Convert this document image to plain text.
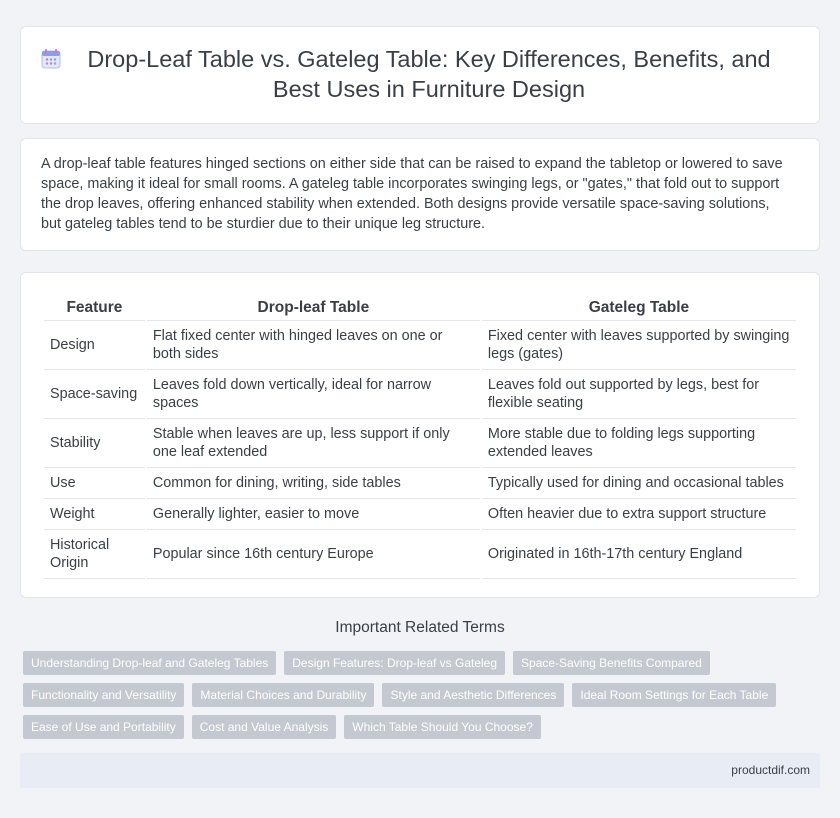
Drop-Leaf Table vs. Gateleg Table: Key Differences, Benefits, and Best Uses in Furniture Design

A drop-leaf table features hinged sections on either side that can be raised to expand the tabletop or lowered to save space, making it ideal for small rooms. A gateleg table incorporates swinging legs, or "gates," that fold out to support the drop leaves, offering enhanced stability when extended. Both designs provide versatile space-saving solutions, but gateleg tables tend to be sturdier due to their unique leg structure.

Feature	Drop-leaf Table	Gateleg Table
Design	Flat fixed center with hinged leaves on one or both sides	Fixed center with leaves supported by swinging legs (gates)
Space-saving	Leaves fold down vertically, ideal for narrow spaces	Leaves fold out supported by legs, best for flexible seating
Stability	Stable when leaves are up, less support if only one leaf extended	More stable due to folding legs supporting extended leaves
Use	Common for dining, writing, side tables	Typically used for dining and occasional tables
Weight	Generally lighter, easier to move	Often heavier due to extra support structure
Historical Origin	Popular since 16th century Europe	Originated in 16th-17th century England
Important Related Terms
Understanding Drop-leaf and Gateleg Tables	Design Features: Drop-leaf vs Gateleg	Space-Saving Benefits Compared
Functionality and Versatility	Material Choices and Durability	Style and Aesthetic Differences	Ideal Room Settings for Each Table
Ease of Use and Portability	Cost and Value Analysis	Which Table Should You Choose?
productdif.com
